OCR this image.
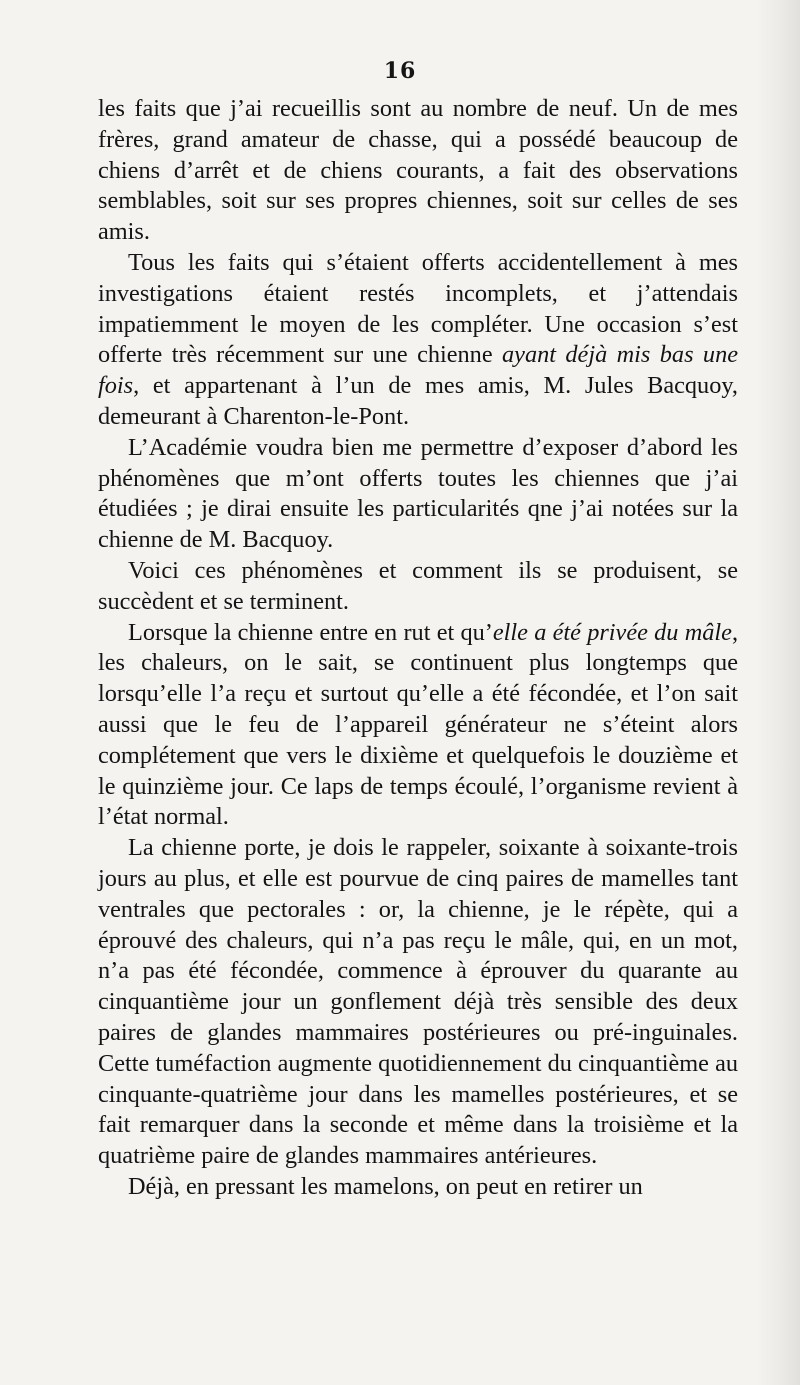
16

les faits que j’ai recueillis sont au nombre de neuf. Un de mes frères, grand amateur de chasse, qui a possédé beaucoup de chiens d’arrêt et de chiens courants, a fait des observations semblables, soit sur ses propres chiennes, soit sur celles de ses amis.

Tous les faits qui s’étaient offerts accidentellement à mes investigations étaient restés incomplets, et j’attendais impatiemment le moyen de les compléter. Une occasion s’est offerte très récemment sur une chienne ayant déjà mis bas une fois, et appartenant à l’un de mes amis, M. Jules Bacquoy, demeurant à Charenton-le-Pont.

L’Académie voudra bien me permettre d’exposer d’abord les phénomènes que m’ont offerts toutes les chiennes que j’ai étudiées ; je dirai ensuite les particularités qne j’ai notées sur la chienne de M. Bacquoy.

Voici ces phénomènes et comment ils se produisent, se succèdent et se terminent.

Lorsque la chienne entre en rut et qu’elle a été privée du mâle, les chaleurs, on le sait, se continuent plus longtemps que lorsqu’elle l’a reçu et surtout qu’elle a été fécondée, et l’on sait aussi que le feu de l’appareil générateur ne s’éteint alors complétement que vers le dixième et quelquefois le douzième et le quinzième jour. Ce laps de temps écoulé, l’organisme revient à l’état normal.

La chienne porte, je dois le rappeler, soixante à soixante-trois jours au plus, et elle est pourvue de cinq paires de mamelles tant ventrales que pectorales : or, la chienne, je le répète, qui a éprouvé des chaleurs, qui n’a pas reçu le mâle, qui, en un mot, n’a pas été fécondée, commence à éprouver du quarante au cinquantième jour un gonflement déjà très sensible des deux paires de glandes mammaires postérieures ou pré-inguinales. Cette tuméfaction augmente quotidiennement du cinquantième au cinquante-quatrième jour dans les mamelles postérieures, et se fait remarquer dans la seconde et même dans la troisième et la quatrième paire de glandes mammaires antérieures.

Déjà, en pressant les mamelons, on peut en retirer un
